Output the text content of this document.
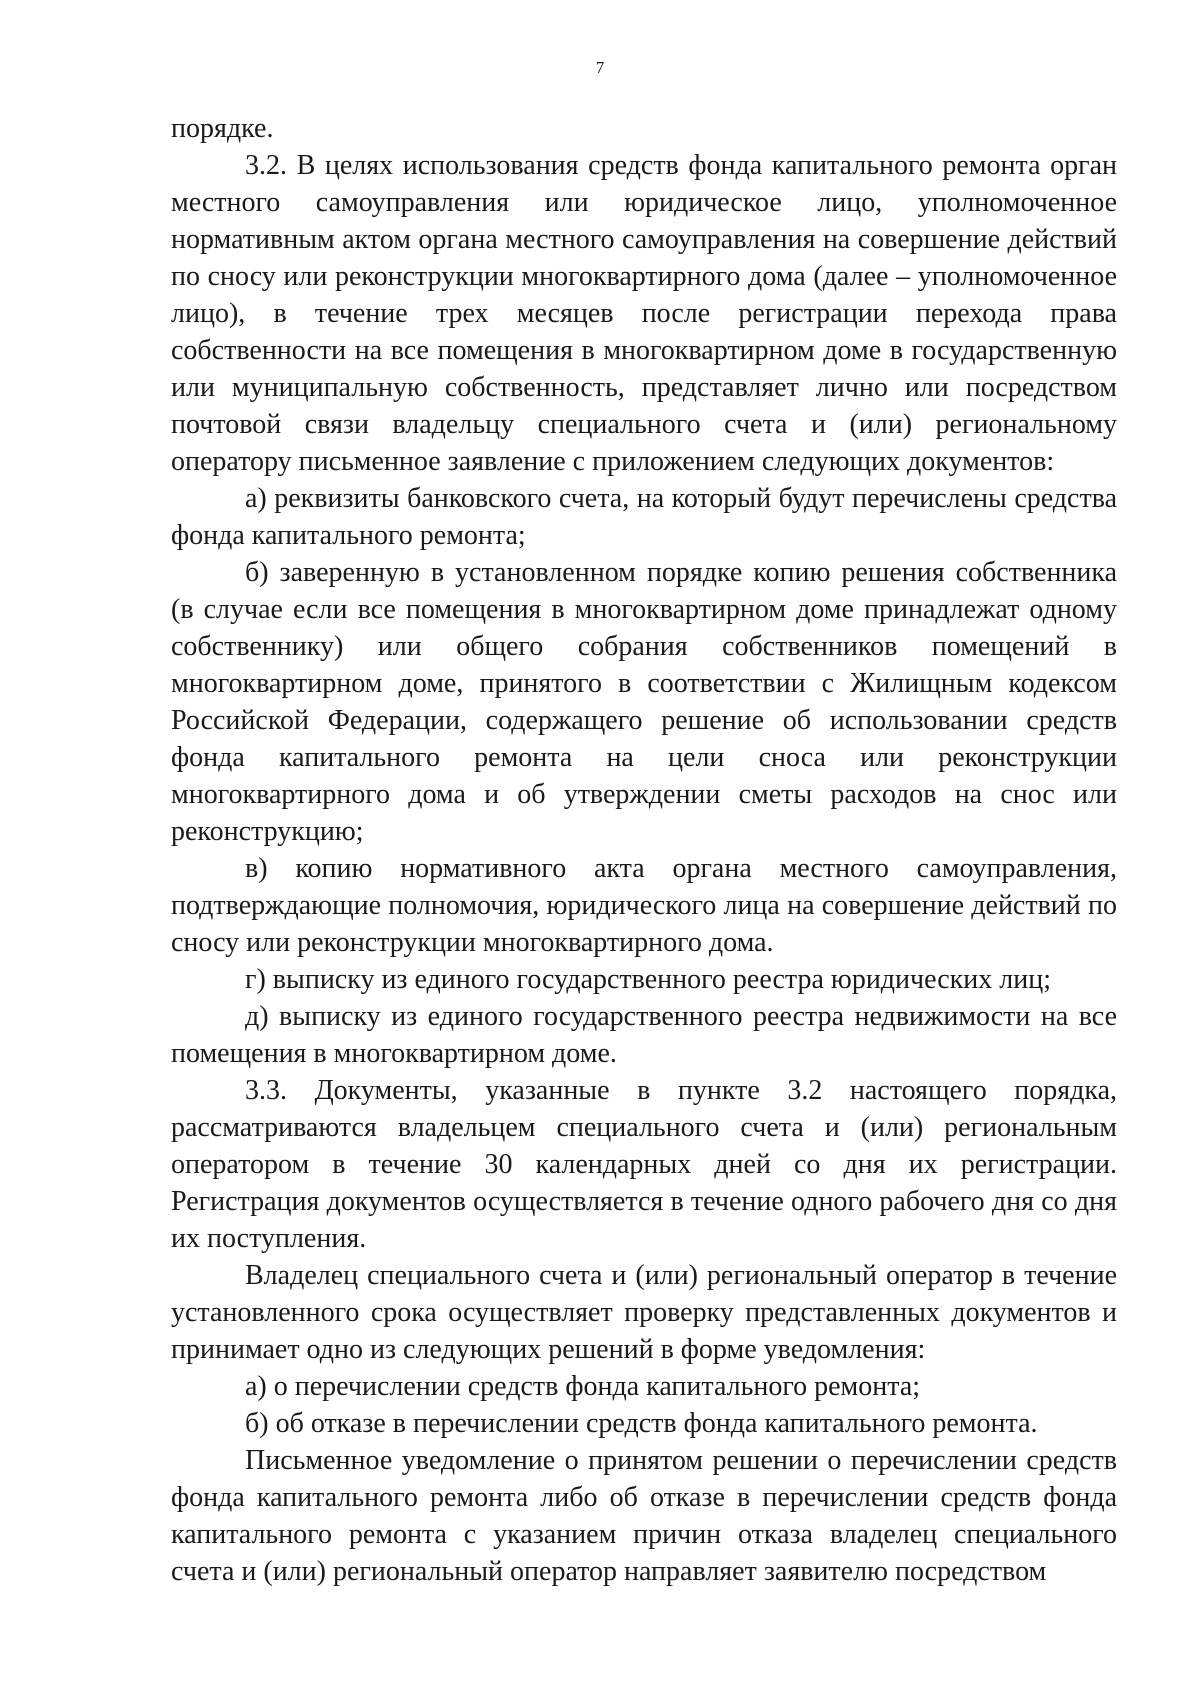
7

порядке.

3.2. В целях использования средств фонда капитального ремонта орган местного самоуправления или юридическое лицо, уполномоченное нормативным актом органа местного самоуправления на совершение действий по сносу или реконструкции многоквартирного дома (далее – уполномоченное лицо), в течение трех месяцев после регистрации перехода права собственности на все помещения в многоквартирном доме в государственную или муниципальную собственность, представляет лично или посредством почтовой связи владельцу специального счета и (или) региональному оператору письменное заявление с приложением следующих документов:

а) реквизиты банковского счета, на который будут перечислены средства фонда капитального ремонта;

б) заверенную в установленном порядке копию решения собственника (в случае если все помещения в многоквартирном доме принадлежат одному собственнику) или общего собрания собственников помещений в многоквартирном доме, принятого в соответствии с Жилищным кодексом Российской Федерации, содержащего решение об использовании средств фонда капитального ремонта на цели сноса или реконструкции многоквартирного дома и об утверждении сметы расходов на снос или реконструкцию;

в) копию нормативного акта органа местного самоуправления, подтверждающие полномочия, юридического лица на совершение действий по сносу или реконструкции многоквартирного дома.

г) выписку из единого государственного реестра юридических лиц;

д) выписку из единого государственного реестра недвижимости на все помещения в многоквартирном доме.

3.3. Документы, указанные в пункте 3.2 настоящего порядка, рассматриваются владельцем специального счета и (или) региональным оператором в течение 30 календарных дней со дня их регистрации. Регистрация документов осуществляется в течение одного рабочего дня со дня их поступления.

Владелец специального счета и (или) региональный оператор в течение установленного срока осуществляет проверку представленных документов и принимает одно из следующих решений в форме уведомления:

а) о перечислении средств фонда капитального ремонта;

б) об отказе в перечислении средств фонда капитального ремонта.

Письменное уведомление о принятом решении о перечислении средств фонда капитального ремонта либо об отказе в перечислении средств фонда капитального ремонта с указанием причин отказа владелец специального счета и (или) региональный оператор направляет заявителю посредством
